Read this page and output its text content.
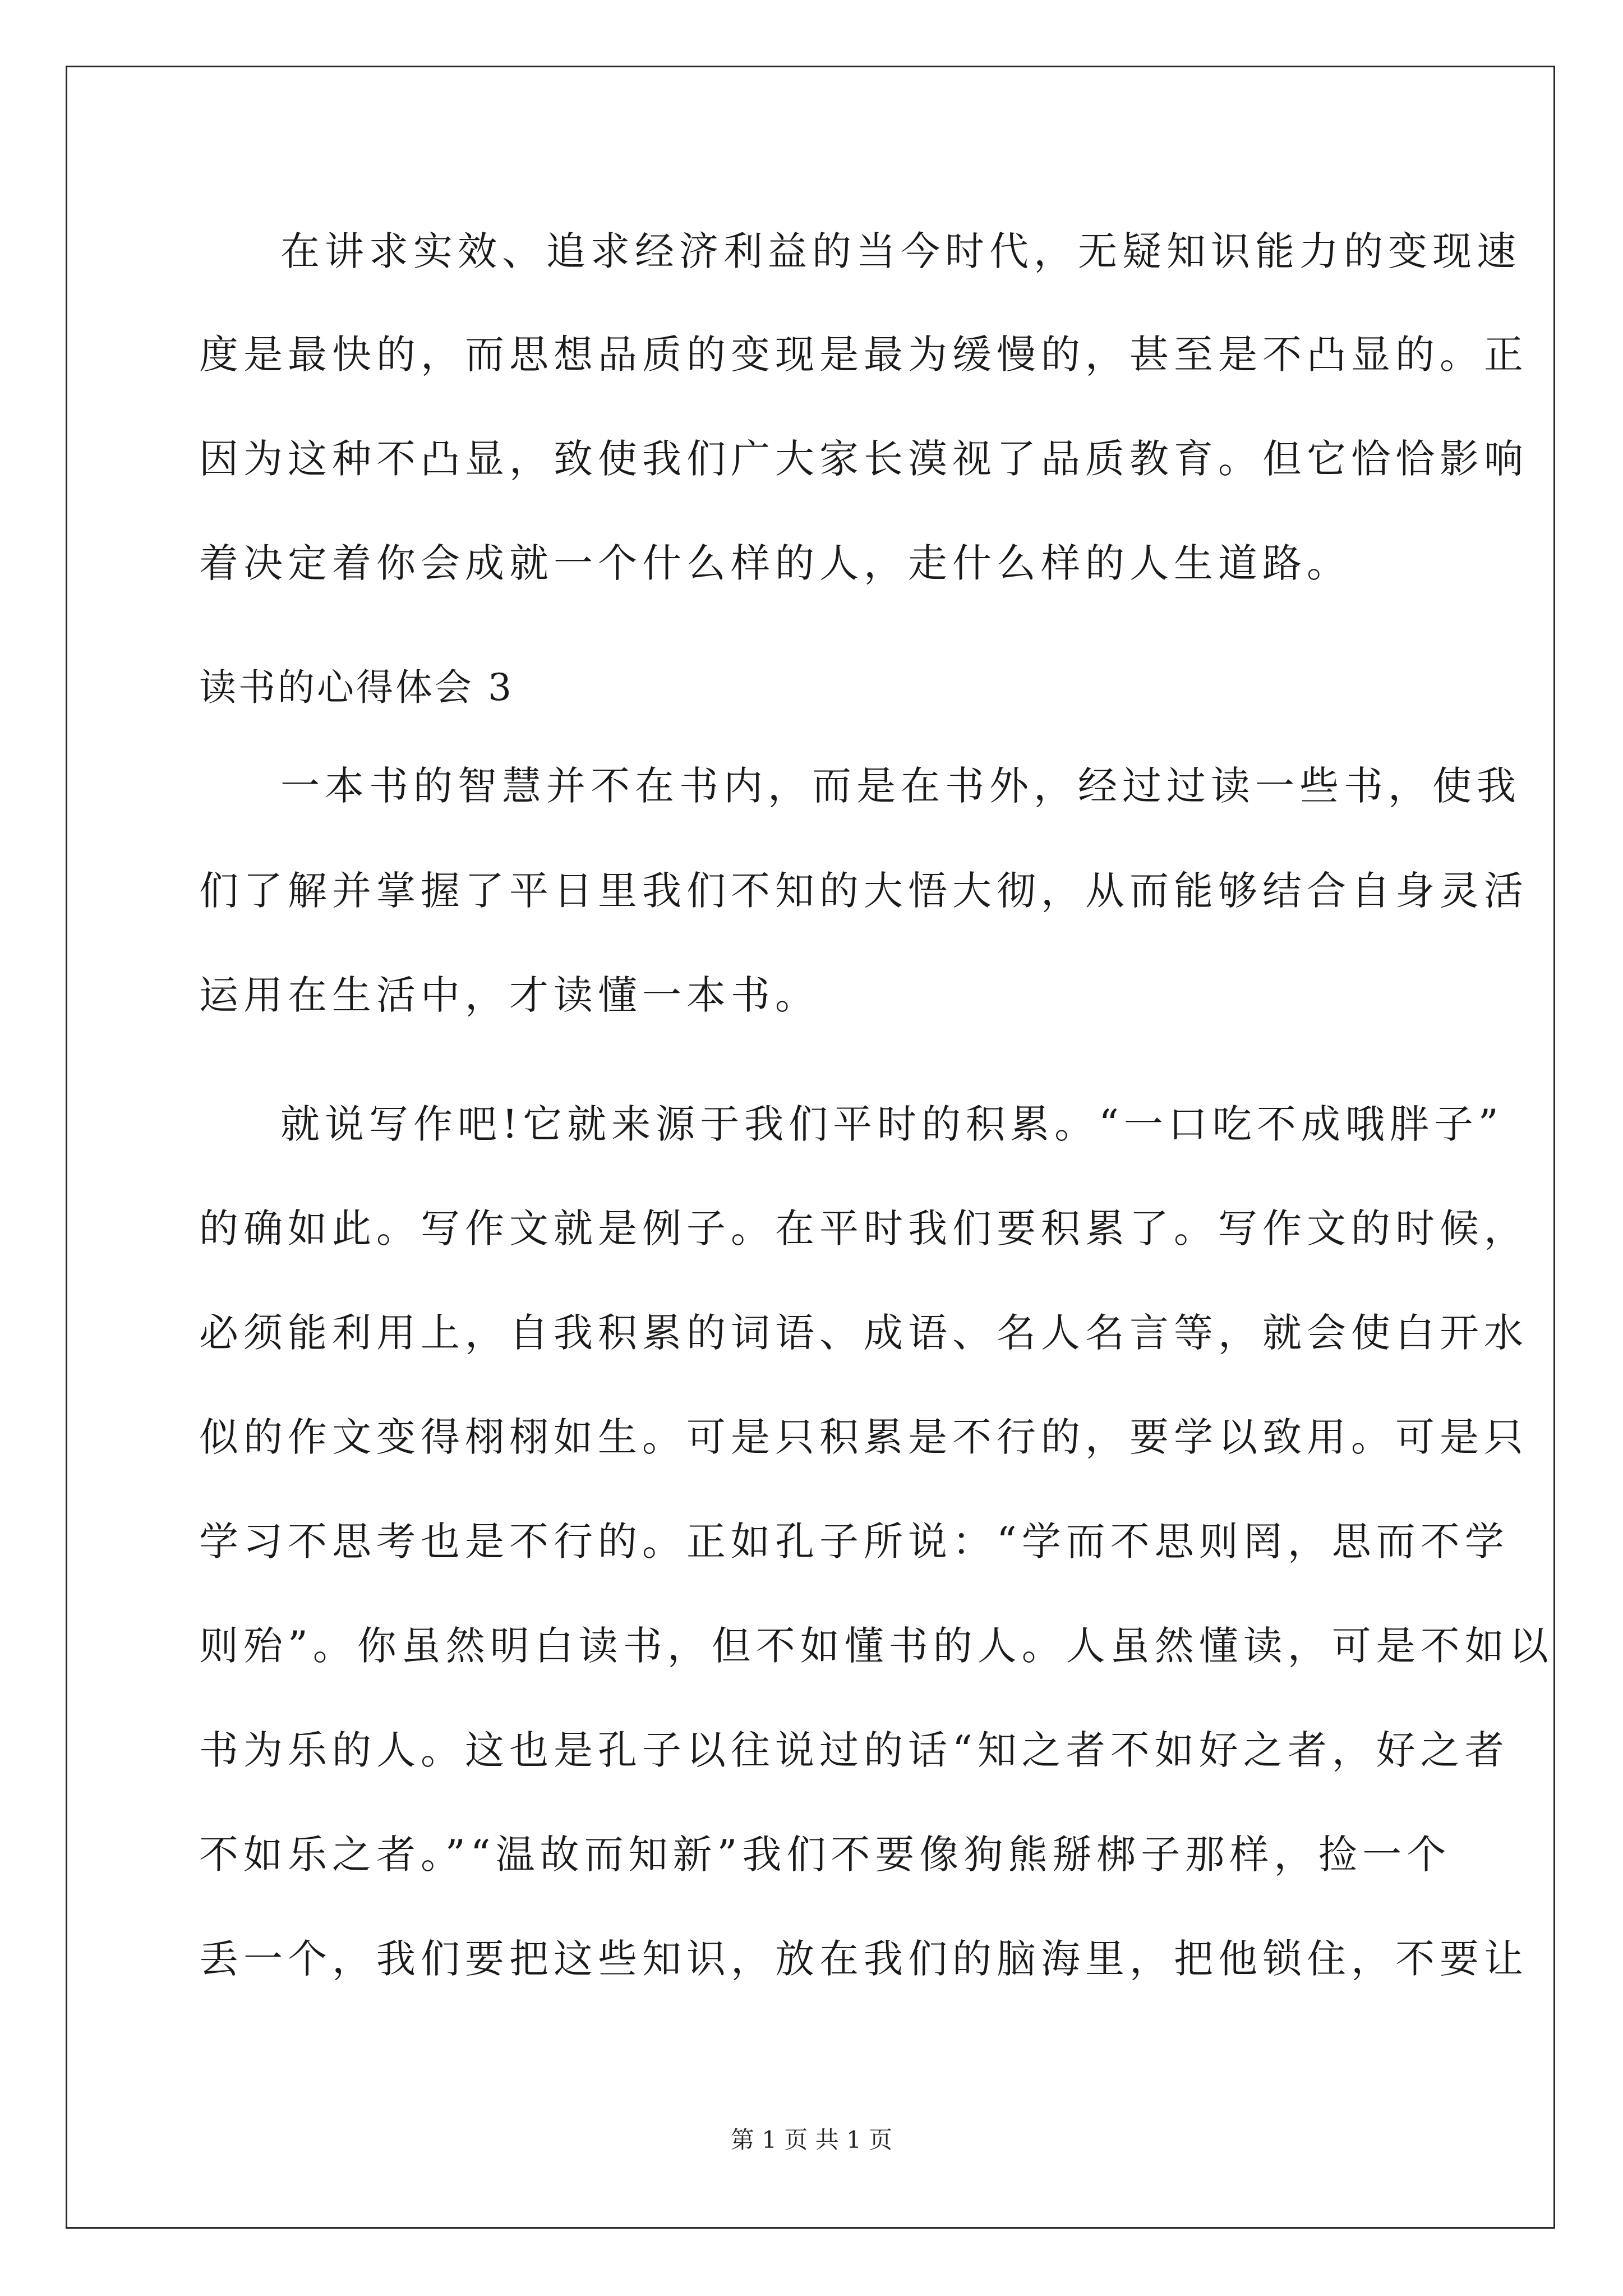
在讲求实效、追求经济利益的当今时代，无疑知识能力的变现速
度是最快的，而思想品质的变现是最为缓慢的，甚至是不凸显的。正
因为这种不凸显，致使我们广大家长漠视了品质教育。但它恰恰影响
着决定着你会成就一个什么样的人，走什么样的人生道路。
读书的心得体会 3
一本书的智慧并不在书内，而是在书外，经过过读一些书，使我
们了解并掌握了平日里我们不知的大悟大彻，从而能够结合自身灵活
运用在生活中，才读懂一本书。
就说写作吧!它就来源于我们平时的积累。“一口吃不成哦胖子”
的确如此。写作文就是例子。在平时我们要积累了。写作文的时候，
必须能利用上，自我积累的词语、成语、名人名言等，就会使白开水
似的作文变得栩栩如生。可是只积累是不行的，要学以致用。可是只
学习不思考也是不行的。正如孔子所说：“学而不思则罔，思而不学
则殆”。你虽然明白读书，但不如懂书的人。人虽然懂读，可是不如以
书为乐的人。这也是孔子以往说过的话“知之者不如好之者，好之者
不如乐之者。”“温故而知新”我们不要像狗熊掰梆子那样，捡一个
丢一个，我们要把这些知识，放在我们的脑海里，把他锁住，不要让
第 1 页 共 1 页
